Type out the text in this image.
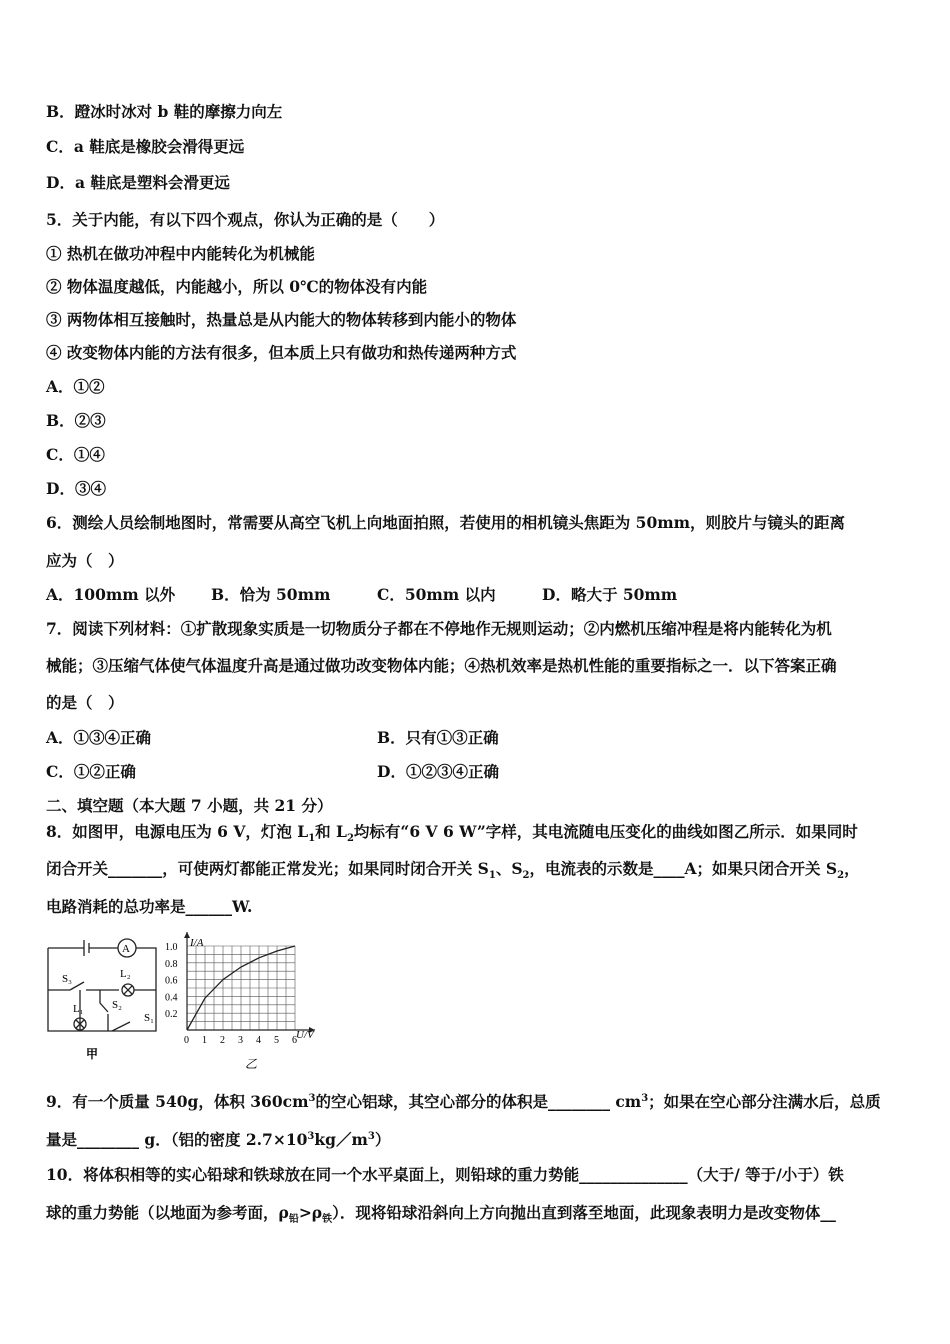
B．蹬冰时冰对 b 鞋的摩擦力向左
C．a 鞋底是橡胶会滑得更远
D．a 鞋底是塑料会滑更远
5．关于内能，有以下四个观点，你认为正确的是（　　）
① 热机在做功冲程中内能转化为机械能
② 物体温度越低，内能越小，所以 0℃的物体没有内能
③ 两物体相互接触时，热量总是从内能大的物体转移到内能小的物体
④ 改变物体内能的方法有很多，但本质上只有做功和热传递两种方式
A．①②
B．②③
C．①④
D．③④
6．测绘人员绘制地图时，常需要从高空飞机上向地面拍照，若使用的相机镜头焦距为 50mm，则胶片与镜头的距离
应为（　）
A．100mm 以外 B．恰为 50mm	C．50mm 以内	D．略大于 50mm
7．阅读下列材料：①扩散现象实质是一切物质分子都在不停地作无规则运动；②内燃机压缩冲程是将内能转化为机
械能；③压缩气体使气体温度升高是通过做功改变物体内能；④热机效率是热机性能的重要指标之一．以下答案正确
的是（　）
A．①③④正确	B．只有①③正确
C．①②正确	D．①②③④正确
二、填空题（本大题 7 小题，共 21 分）
8．如图甲，电源电压为 6 V，灯泡 $L_1$和 $L_2$均标有“6 V 6 W”字样，其电流随电压变化的曲线如图乙所示．如果同时
闭合开关_______，可使两灯都能正常发光；如果同时闭合开关 $S_1$、$S_2$，电流表的示数是____A；如果只闭合开关 $S_2$，
电路消耗的总功率是______W.
A
S₃	L₂
L₁	S₂
S₁
甲
0 1 2 3 4 5 6
0.2
0.4
0.6
0.8
1.0 I/A
U/V
乙
9．有一个质量 540g，体积 $360cm^3$的空心铝球，其空心部分的体积是________ $cm^3$；如果在空心部分注满水后，总质
量是________ g．（铝的密度 $2.7\times 10^3kg/m^3$）
10．将体积相等的实心铅球和铁球放在同一个水平桌面上，则铅球的重力势能______________（大于/ 等于/小于）铁
球的重力势能（以地面为参考面，$\rho_铅>\rho_铁$）．现将铅球沿斜向上方向抛出直到落至地面，此现象表明力是改变物体__
